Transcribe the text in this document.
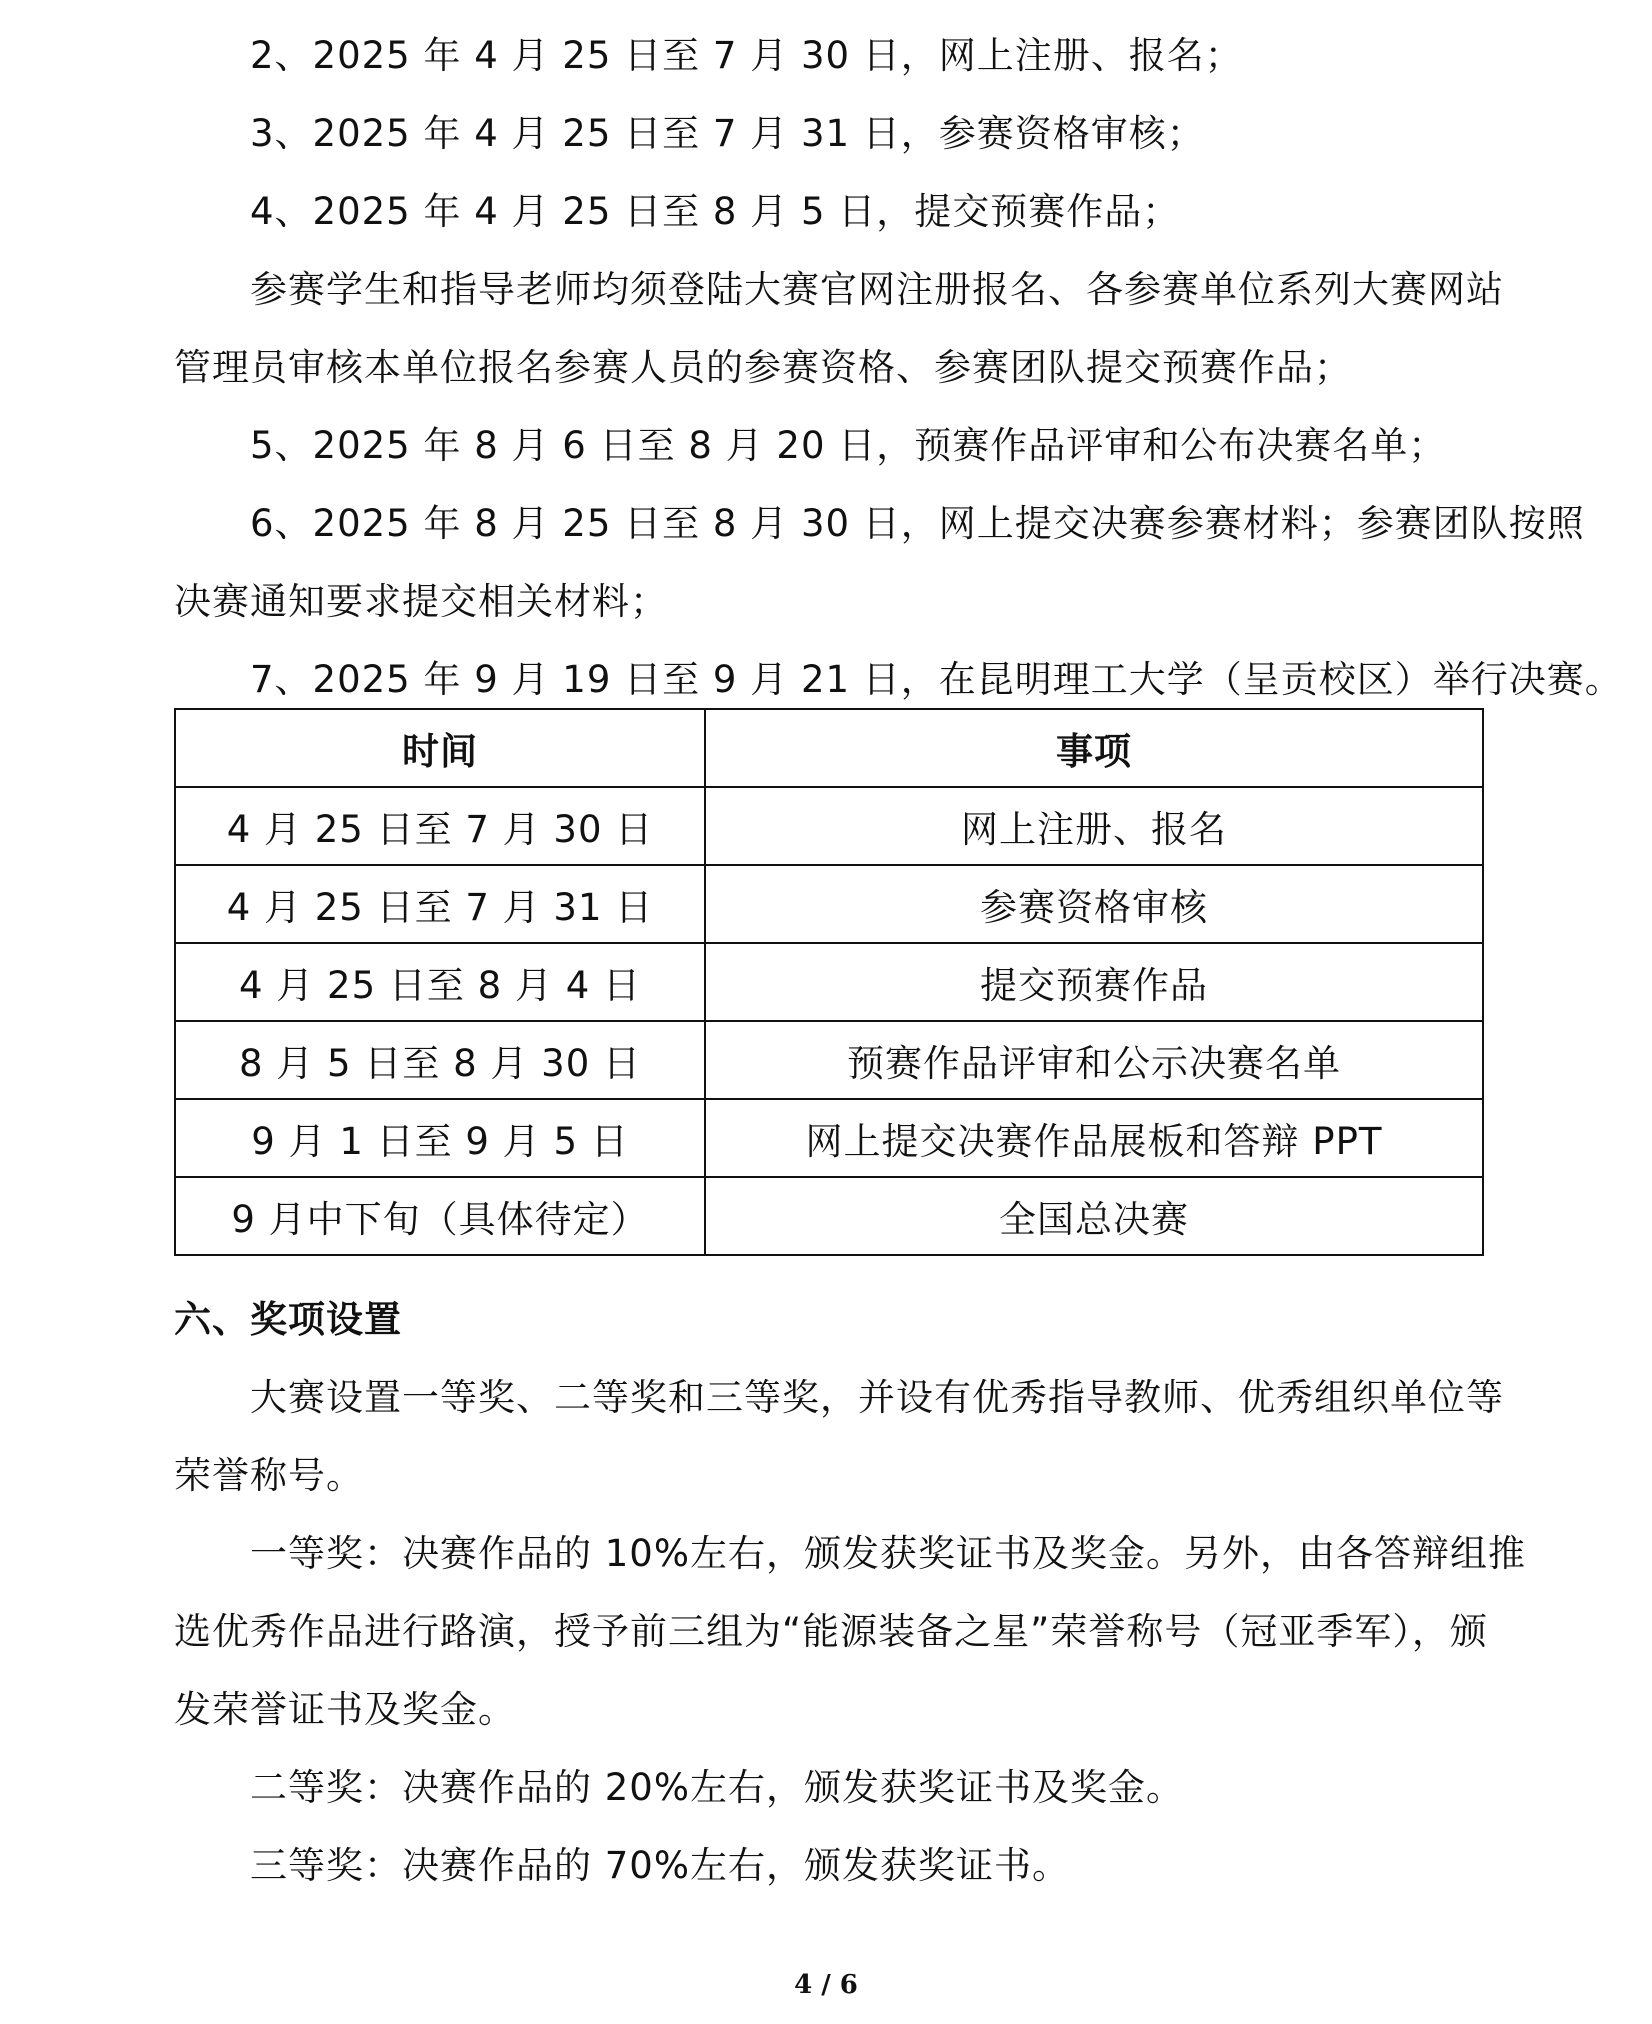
2、2025 年 4 月 25 日至 7 月 30 日，网上注册、报名；
3、2025 年 4 月 25 日至 7 月 31 日，参赛资格审核；
4、2025 年 4 月 25 日至 8 月 5 日，提交预赛作品；
参赛学生和指导老师均须登陆大赛官网注册报名、各参赛单位系列大赛网站
管理员审核本单位报名参赛人员的参赛资格、参赛团队提交预赛作品；
5、2025 年 8 月 6 日至 8 月 20 日，预赛作品评审和公布决赛名单；
6、2025 年 8 月 25 日至 8 月 30 日，网上提交决赛参赛材料；参赛团队按照
决赛通知要求提交相关材料；
7、2025 年 9 月 19 日至 9 月 21 日，在昆明理工大学（呈贡校区）举行决赛。
时间	事项
4 月 25 日至 7 月 30 日	网上注册、报名
4 月 25 日至 7 月 31 日	参赛资格审核
4 月 25 日至 8 月 4 日	提交预赛作品
8 月 5 日至 8 月 30 日	预赛作品评审和公示决赛名单
9 月 1 日至 9 月 5 日	网上提交决赛作品展板和答辩 PPT
9 月中下旬（具体待定）	全国总决赛
六、奖项设置
大赛设置一等奖、二等奖和三等奖，并设有优秀指导教师、优秀组织单位等
荣誉称号。
一等奖：决赛作品的 10%左右，颁发获奖证书及奖金。另外，由各答辩组推
选优秀作品进行路演，授予前三组为“能源装备之星”荣誉称号（冠亚季军），颁
发荣誉证书及奖金。
二等奖：决赛作品的 20%左右，颁发获奖证书及奖金。
三等奖：决赛作品的 70%左右，颁发获奖证书。
4 / 6
